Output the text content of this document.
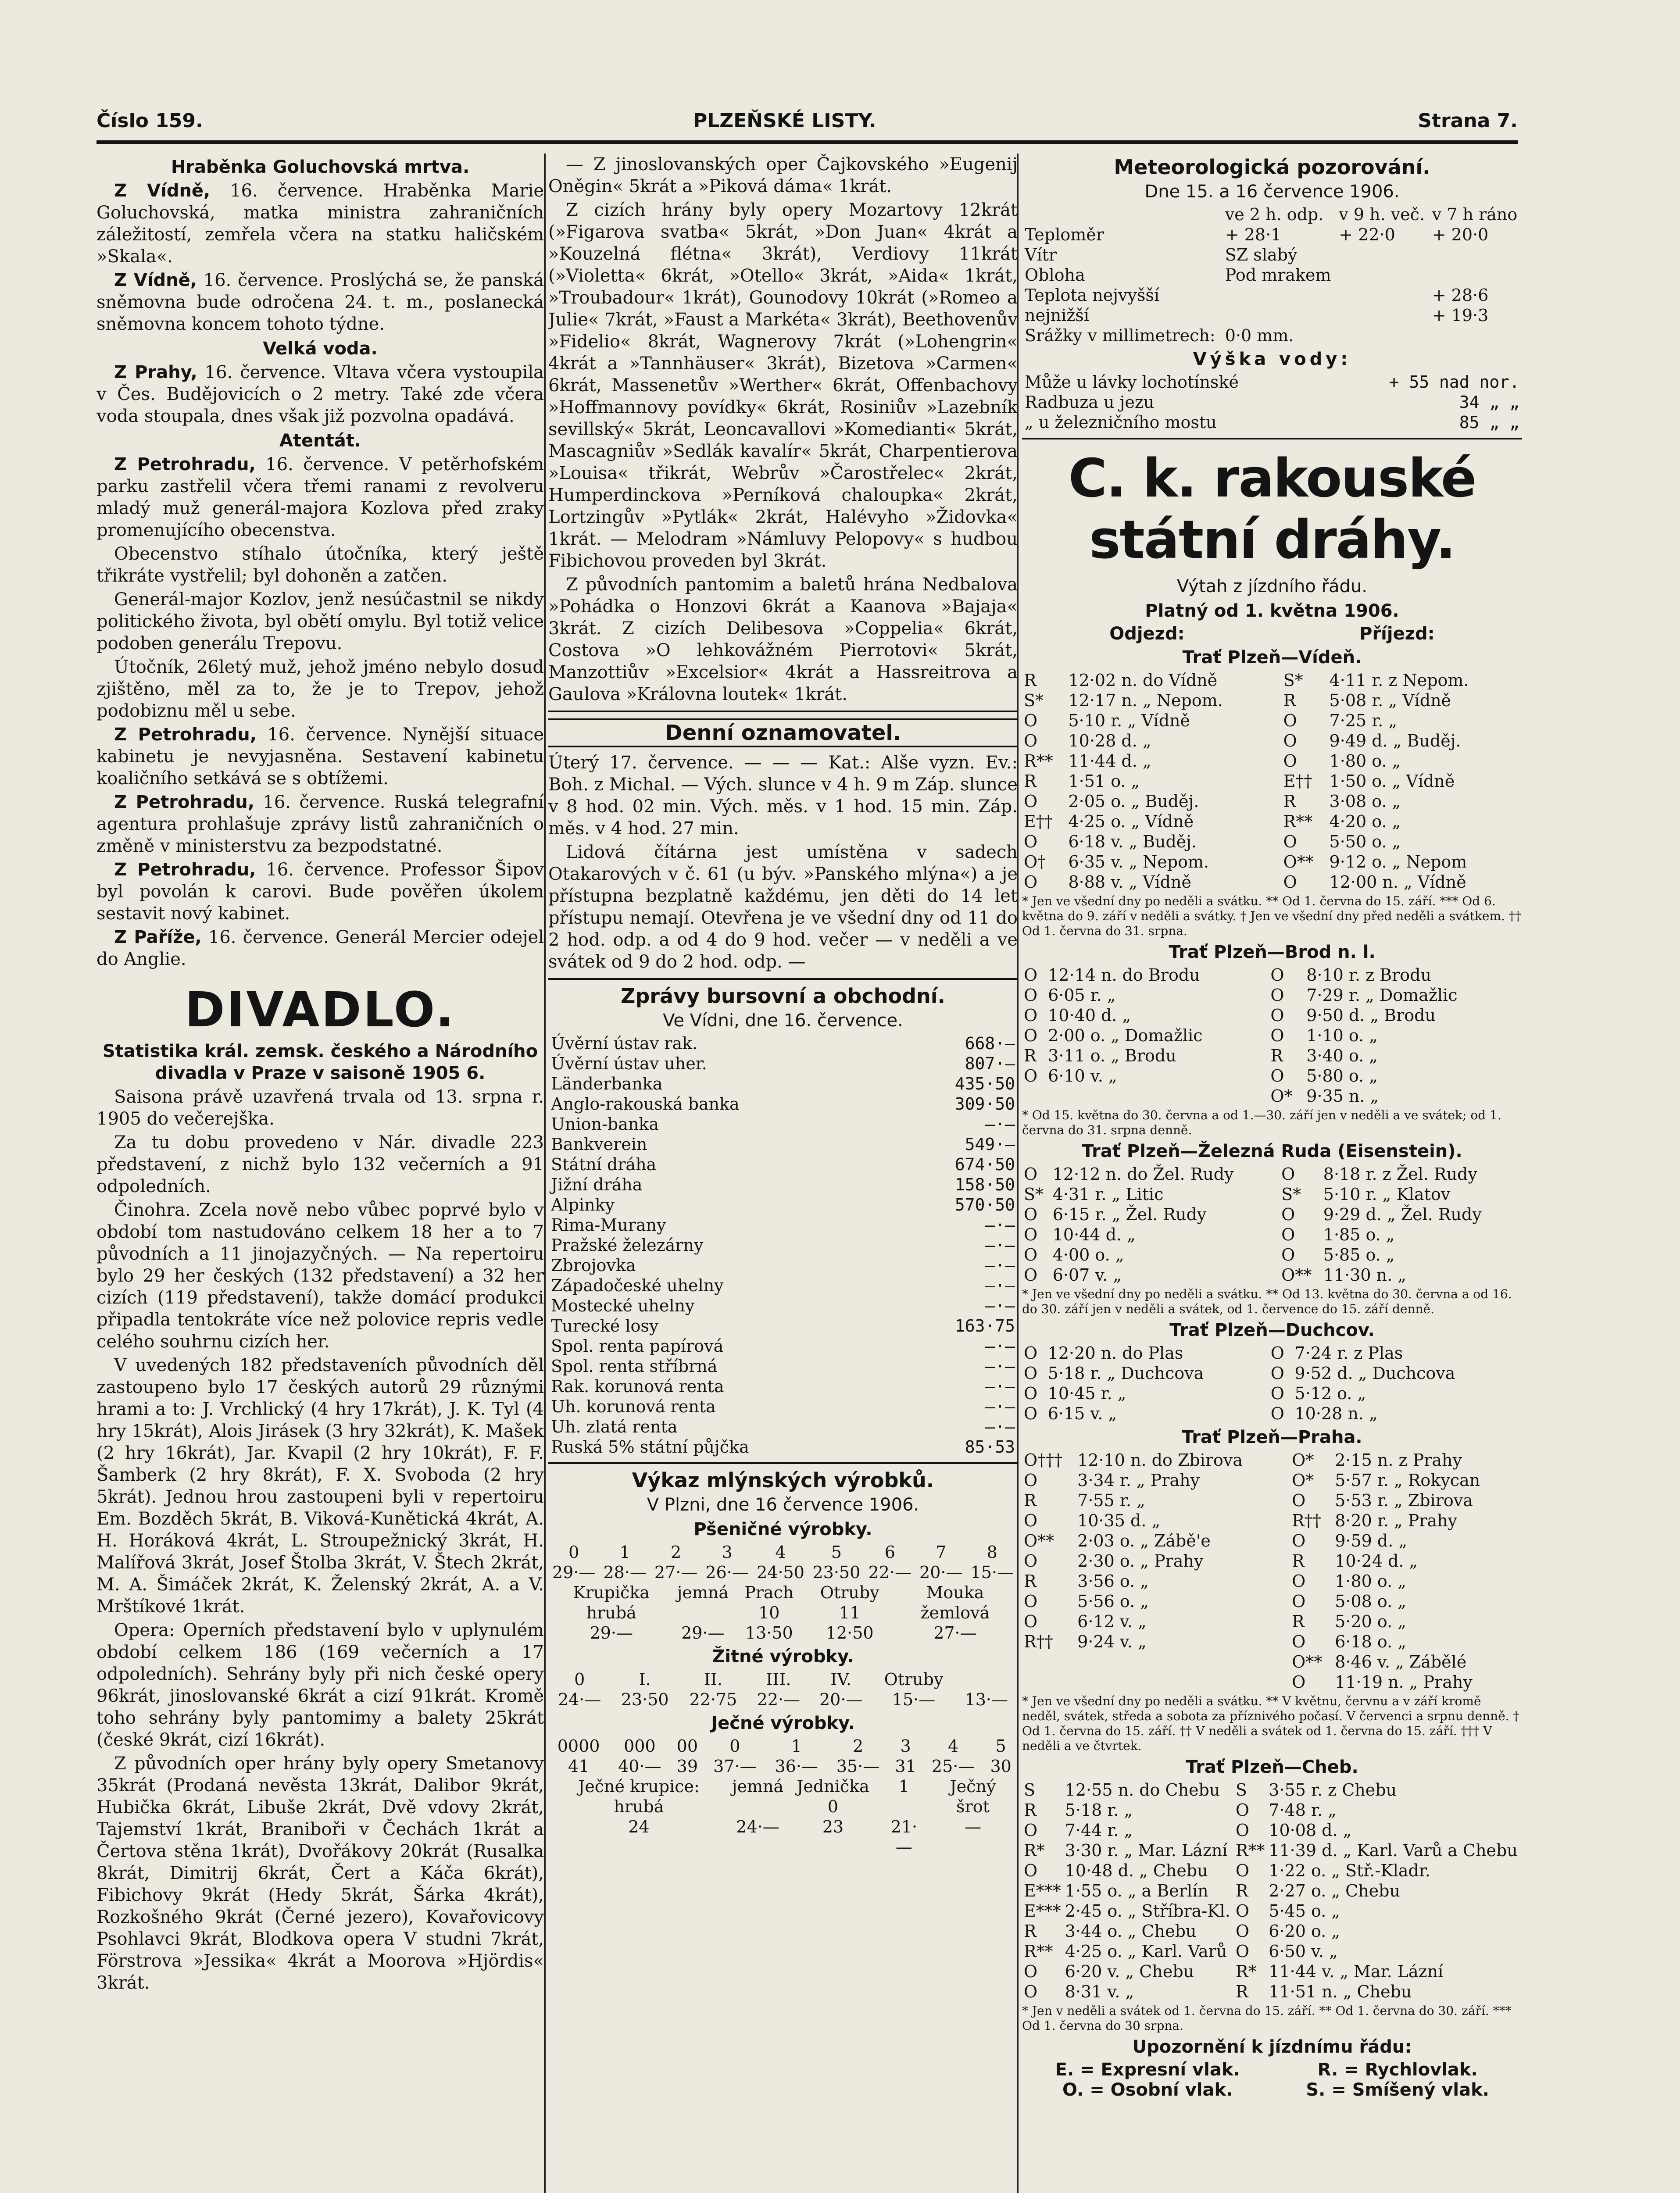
Číslo 159.	PLZEŇSKÉ LISTY.	Strana 7.
Hraběnka Goluchovská mrtva.

Z Vídně, 16. července. Hraběnka Marie Goluchovská, matka ministra zahraničních záležitostí, zemřela včera na statku haličském »Skala«.

Z Vídně, 16. července. Proslýchá se, že panská sněmovna bude odročena 24. t. m., poslanecká sněmovna koncem tohoto týdne.

Velká voda.

Z Prahy, 16. července. Vltava včera vystoupila v Čes. Budějovicích o 2 metry. Také zde včera voda stoupala, dnes však již pozvolna opadává.

Atentát.

Z Petrohradu, 16. července. V petěrhofském parku zastřelil včera třemi ranami z revolveru mladý muž generál-majora Kozlova před zraky promenujícího obecenstva.

Obecenstvo stíhalo útočníka, který ještě třikráte vystřelil; byl dohoněn a zatčen.

Generál-major Kozlov, jenž nesúčastnil se nikdy politického života, byl obětí omylu. Byl totiž velice podoben generálu Trepovu.

Útočník, 26letý muž, jehož jméno nebylo dosud zjištěno, měl za to, že je to Trepov, jehož podobiznu měl u sebe.

Z Petrohradu, 16. července. Nynější situace kabinetu je nevyjasněna. Sestavení kabinetu koaličního setkává se s obtížemi.

Z Petrohradu, 16. července. Ruská telegrafní agentura prohlašuje zprávy listů zahraničních o změně v ministerstvu za bezpodstatné.

Z Petrohradu, 16. července. Professor Šipov byl povolán k carovi. Bude pověřen úkolem sestavit nový kabinet.

Z Paříže, 16. července. Generál Mercier odejel do Anglie.

DIVADLO.
Statistika král. zemsk. českého a Národního divadla v Praze v saisoně 1905 6.

Saisona právě uzavřená trvala od 13. srpna r. 1905 do večerejška.

Za tu dobu provedeno v Nár. divadle 223 představení, z nichž bylo 132 večerních a 91 odpoledních.

Činohra. Zcela nově nebo vůbec poprvé bylo v období tom nastudováno celkem 18 her a to 7 původních a 11 jinojazyčných. — Na repertoiru bylo 29 her českých (132 představení) a 32 her cizích (119 představení), takže domácí produkci připadla tentokráte více než polovice repris vedle celého souhrnu cizích her.

V uvedených 182 představeních původních děl zastoupeno bylo 17 českých autorů 29 různými hrami a to: J. Vrchlický (4 hry 17krát), J. K. Tyl (4 hry 15krát), Alois Jirásek (3 hry 32krát), K. Mašek (2 hry 16krát), Jar. Kvapil (2 hry 10krát), F. F. Šamberk (2 hry 8krát), F. X. Svoboda (2 hry 5krát). Jednou hrou zastoupeni byli v repertoiru Em. Bozděch 5krát, B. Viková-Kunětická 4krát, A. H. Horáková 4krát, L. Stroupežnický 3krát, H. Malířová 3krát, Josef Štolba 3krát, V. Štech 2krát, M. A. Šimáček 2krát, K. Želenský 2krát, A. a V. Mrštíkové 1krát.

Opera: Operních představení bylo v uplynulém období celkem 186 (169 večerních a 17 odpoledních). Sehrány byly při nich české opery 96krát, jinoslovanské 6krát a cizí 91krát. Kromě toho sehrány byly pantomimy a balety 25krát (české 9krát, cizí 16krát).

Z původních oper hrány byly opery Smetanovy 35krát (Prodaná nevěsta 13krát, Dalibor 9krát, Hubička 6krát, Libuše 2krát, Dvě vdovy 2krát, Tajemství 1krát, Braniboři v Čechách 1krát a Čertova stěna 1krát), Dvořákovy 20krát (Rusalka 8krát, Dimitrij 6krát, Čert a Káča 6krát), Fibichovy 9krát (Hedy 5krát, Šárka 4krát), Rozkošného 9krát (Černé jezero), Kovařovicovy Psohlavci 9krát, Blodkova opera V studni 7krát, Förstrova »Jessika« 4krát a Moorova »Hjördis« 3krát.

— Z jinoslovanských oper Čajkovského »Eugenij Oněgin« 5krát a »Piková dáma« 1krát.

Z cizích hrány byly opery Mozartovy 12krát (»Figarova svatba« 5krát, »Don Juan« 4krát a »Kouzelná flétna« 3krát), Verdiovy 11krát (»Violetta« 6krát, »Otello« 3krát, »Aida« 1krát, »Troubadour« 1krát), Gounodovy 10krát (»Romeo a Julie« 7krát, »Faust a Markéta« 3krát), Beethovenův »Fidelio« 8krát, Wagnerovy 7krát (»Lohengrin« 4krát a »Tannhäuser« 3krát), Bizetova »Carmen« 6krát, Massenetův »Werther« 6krát, Offenbachovy »Hoffmannovy povídky« 6krát, Rosiniův »Lazebník sevillský« 5krát, Leoncavallovi »Komedianti« 5krát, Mascagniův »Sedlák kavalír« 5krát, Charpentierova »Louisa« třikrát, Webrův »Čarostřelec« 2krát, Humperdinckova »Perníková chaloupka« 2krát, Lortzingův »Pytlák« 2krát, Halévyho »Židovka« 1krát. — Melodram »Námluvy Pelopovy« s hudbou Fibichovou proveden byl 3krát.

Z původních pantomim a baletů hrána Nedbalova »Pohádka o Honzovi 6krát a Kaanova »Bajaja« 3krát. Z cizích Delibesova »Coppelia« 6krát, Costova »O lehkovážném Pierrotovi« 5krát, Manzottiův »Excelsior« 4krát a Hassreitrova a Gaulova »Královna loutek« 1krát.

Denní oznamovatel.

Úterý 17. července. — — — Kat.: Alše vyzn. Ev.: Boh. z Michal. — Vých. slunce v 4 h. 9 m Záp. slunce v 8 hod. 02 min. Vých. měs. v 1 hod. 15 min. Záp. měs. v 4 hod. 27 min.

Lidová čítárna jest umístěna v sadech Otakarových v č. 61 (u býv. »Panského mlýna«) a je přístupna bezplatně každému, jen děti do 14 let přístupu nemají. Otevřena je ve všední dny od 11 do 2 hod. odp. a od 4 do 9 hod. večer — v neděli a ve svátek od 9 do 2 hod. odp. —

Zprávy bursovní a obchodní.
Ve Vídni, dne 16. července.
Úvěrní ústav rak.	668·—
Úvěrní ústav uher.	807·—
Länderbanka	435·50
Anglo-rakouská banka	309·50
Union-banka	—·—
Bankverein	549·—
Státní dráha	674·50
Jižní dráha	158·50
Alpinky	570·50
Rima-Murany	—·—
Pražské železárny	—·—
Zbrojovka	—·—
Západočeské uhelny	—·—
Mostecké uhelny	—·—
Turecké losy	163·75
Spol. renta papírová	—·—
Spol. renta stříbrná	—·—
Rak. korunová renta	—·—
Uh. korunová renta	—·—
Uh. zlatá renta	—·—
Ruská 5% státní půjčka	85·53
Výkaz mlýnských výrobků.
V Plzni, dne 16 července 1906.
Pšeničné výrobky.
0	1	2	3	4	5	6	7	8
29·—	28·—	27·—	26·—	24·50	23·50	22·—	20·—	15·—
Krupička hrubá	jemná	Prach 10	Otruby 11	Mouka žemlová
29·—	29·—	13·50	12·50	27·—
Žitné výrobky.
0	I.	II.	III.	IV.	Otruby	
24·—	23·50	22·75	22·—	20·—	15·—	13·—
Ječné výrobky.
0000	000	00	0	1	2	3	4	5
41	40·—	39	37·—	36·—	35·—	31	25·—	30
Ječné krupice: hrubá	jemná	Jednička 0	1	Ječný šrot
24	24·—	23	21·—	—
Meteorologická pozorování.
Dne 15. a 16 července 1906.
	ve 2 h. odp.	v 9 h. več.	v 7 h ráno
Teploměr	+ 28·1	+ 22·0	+ 20·0
Vítr	SZ slabý		
Obloha	Pod mrakem		
Teplota nejvyšší			+ 28·6
nejnižší			+ 19·3
Srážky v millimetrech:	0·0 mm.		
Výška vody:
Může u lávky lochotínské	+ 55 nad nor.
Radbuza u jezu	34 „ „
„ u železničního mostu	85 „ „
C. k. rakouské státní dráhy.
Výtah z jízdního řádu.
Platný od 1. května 1906.
Odjezd:	Příjezd:
Trať Plzeň—Vídeň.
R	12·02 n. do Vídně	S*	4·11 r. z Nepom.
S*	12·17 n. „ Nepom.	R	5·08 r. „ Vídně
O	5·10 r. „ Vídně	O	7·25 r. „
O	10·28 d. „	O	9·49 d. „ Buděj.
R**	11·44 d. „	O	1·80 o. „
R	1·51 o. „	E††	1·50 o. „ Vídně
O	2·05 o. „ Buděj.	R	3·08 o. „
E††	4·25 o. „ Vídně	R**	4·20 o. „
O	6·18 v. „ Buděj.	O	5·50 o. „
O†	6·35 v. „ Nepom.	O**	9·12 o. „ Nepom
O	8·88 v. „ Vídně	O	12·00 n. „ Vídně
* Jen ve všední dny po neděli a svátku. ** Od 1. června do 15. září. *** Od 6. května do 9. září v neděli a svátky. † Jen ve všední dny před neděli a svátkem. †† Od 1. června do 31. srpna.
Trať Plzeň—Brod n. l.
O	12·14 n. do Brodu	O	8·10 r. z Brodu
O	6·05 r. „	O	7·29 r. „ Domažlic
O	10·40 d. „	O	9·50 d. „ Brodu
O	2·00 o. „ Domažlic	O	1·10 o. „
R	3·11 o. „ Brodu	R	3·40 o. „
O	6·10 v. „	O	5·80 o. „
		O*	9·35 n. „
* Od 15. května do 30. června a od 1.—30. září jen v neděli a ve svátek; od 1. června do 31. srpna denně.
Trať Plzeň—Železná Ruda (Eisenstein).
O	12·12 n. do Žel. Rudy	O	8·18 r. z Žel. Rudy
S*	4·31 r. „ Litic	S*	5·10 r. „ Klatov
O	6·15 r. „ Žel. Rudy	O	9·29 d. „ Žel. Rudy
O	10·44 d. „	O	1·85 o. „
O	4·00 o. „	O	5·85 o. „
O	6·07 v. „	O**	11·30 n. „
* Jen ve všední dny po neděli a svátku. ** Od 13. května do 30. června a od 16. do 30. září jen v neděli a svátek, od 1. července do 15. září denně.
Trať Plzeň—Duchcov.
O	12·20 n. do Plas	O	7·24 r. z Plas
O	5·18 r. „ Duchcova	O	9·52 d. „ Duchcova
O	10·45 r. „	O	5·12 o. „
O	6·15 v. „	O	10·28 n. „
Trať Plzeň—Praha.
O†††	12·10 n. do Zbirova	O*	2·15 n. z Prahy
O	3·34 r. „ Prahy	O*	5·57 r. „ Rokycan
R	7·55 r. „	O	5·53 r. „ Zbirova
O	10·35 d. „	R††	8·20 r. „ Prahy
O**	2·03 o. „ Zábě'e	O	9·59 d. „
O	2·30 o. „ Prahy	R	10·24 d. „
R	3·56 o. „	O	1·80 o. „
O	5·56 o. „	O	5·08 o. „
O	6·12 v. „	R	5·20 o. „
R††	9·24 v. „	O	6·18 o. „
		O**	8·46 v. „ Zábělé
		O	11·19 n. „ Prahy
* Jen ve všední dny po neděli a svátku. ** V květnu, červnu a v září kromě neděl, svátek, středa a sobota za příznivého počasí. V červenci a srpnu denně. † Od 1. června do 15. září. †† V neděli a svátek od 1. června do 15. září. ††† V neděli a ve čtvrtek.
Trať Plzeň—Cheb.
S	12·55 n. do Chebu	S	3·55 r. z Chebu
R	5·18 r. „	O	7·48 r. „
O	7·44 r. „	O	10·08 d. „
R*	3·30 r. „ Mar. Lázní	R**	11·39 d. „ Karl. Varů a Chebu
O	10·48 d. „ Chebu	O	1·22 o. „ Stř.-Kladr.
E***	1·55 o. „ a Berlín	R	2·27 o. „ Chebu
E***	2·45 o. „ Stříbra-Kl.	O	5·45 o. „
R	3·44 o. „ Chebu	O	6·20 o. „
R**	4·25 o. „ Karl. Varů	O	6·50 v. „
O	6·20 v. „ Chebu	R*	11·44 v. „ Mar. Lázní
O	8·31 v. „	R	11·51 n. „ Chebu
* Jen v neděli a svátek od 1. června do 15. září. ** Od 1. června do 30. září. *** Od 1. června do 30 srpna.
Upozornění k jízdnímu řádu:
E. = Expresní vlak.	R. = Rychlovlak.
O. = Osobní vlak.	S. = Smíšený vlak.
